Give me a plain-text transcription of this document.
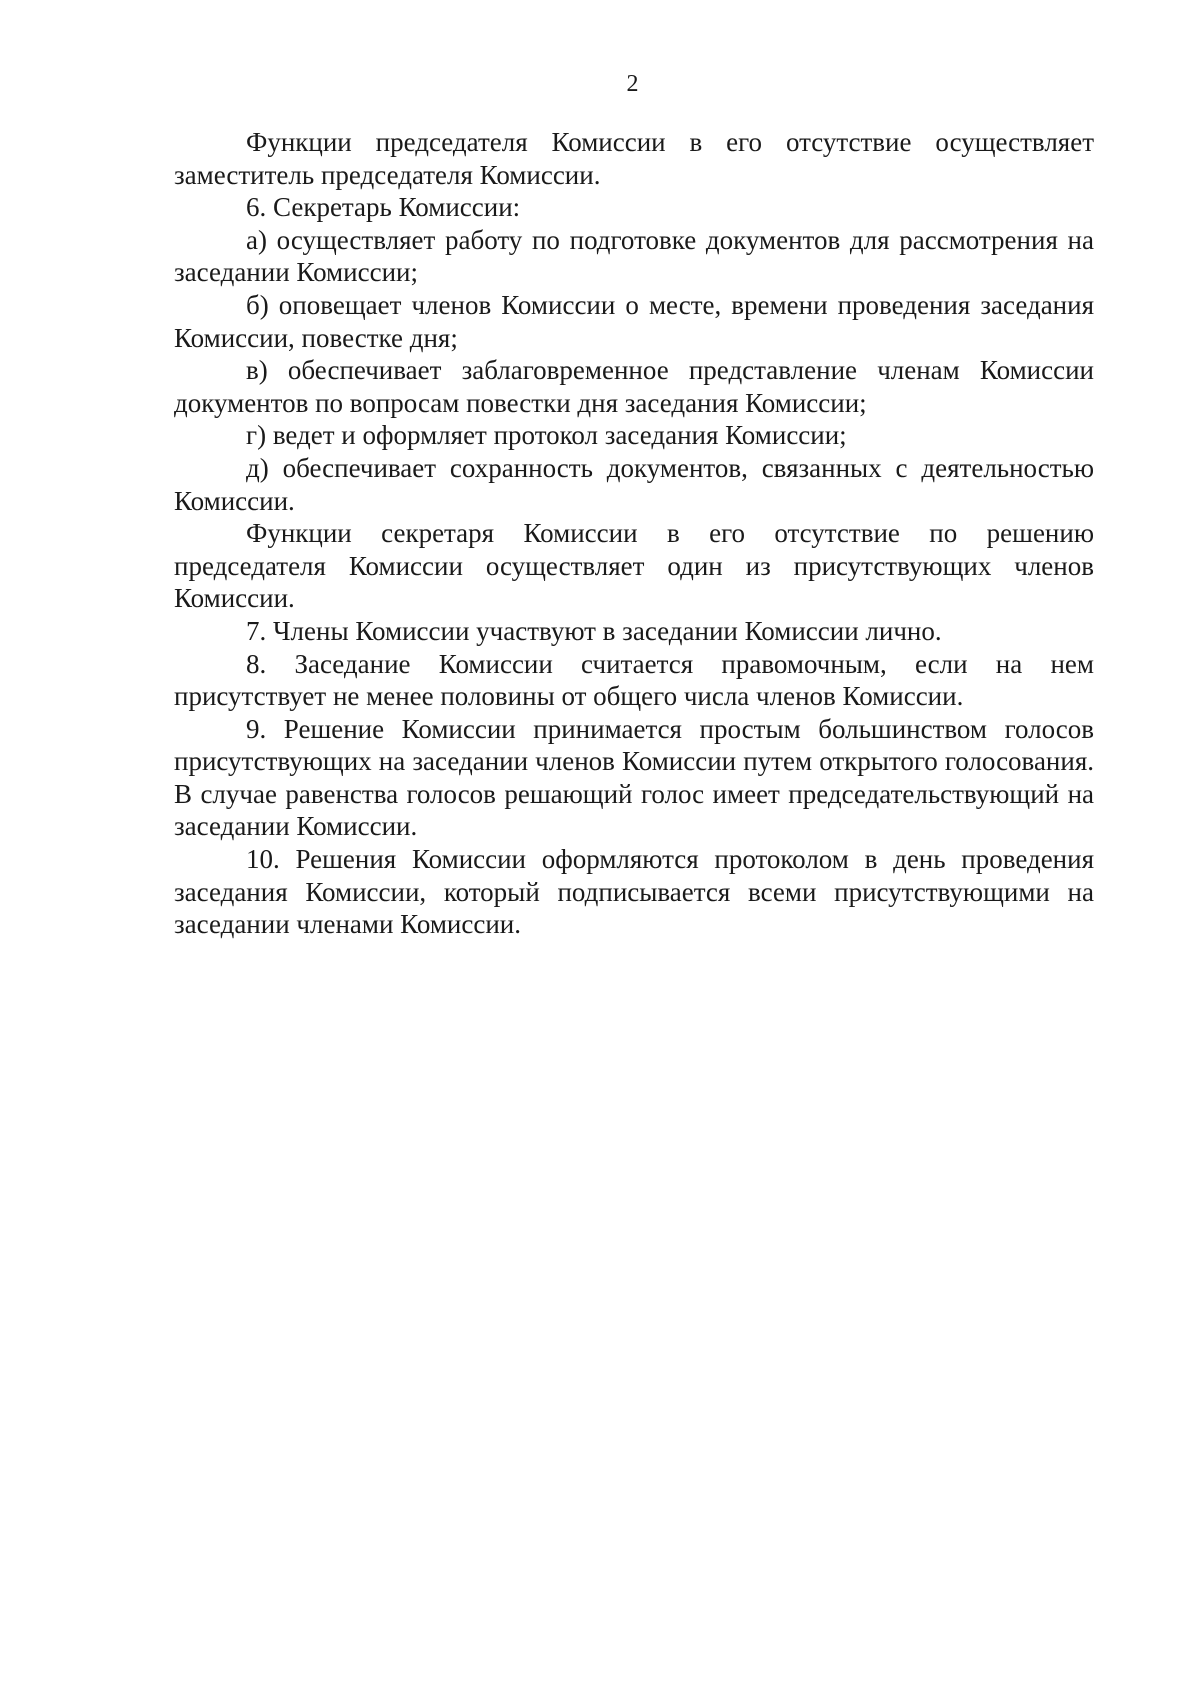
2

Функции председателя Комиссии в его отсутствие осуществляет заместитель председателя Комиссии.

6. Секретарь Комиссии:

а) осуществляет работу по подготовке документов для рассмотрения на заседании Комиссии;

б) оповещает членов Комиссии о месте, времени проведения заседания Комиссии, повестке дня;

в) обеспечивает заблаговременное представление членам Комиссии документов по вопросам повестки дня заседания Комиссии;

г) ведет и оформляет протокол заседания Комиссии;

д) обеспечивает сохранность документов, связанных с деятельностью Комиссии.

Функции секретаря Комиссии в его отсутствие по решению председателя Комиссии осуществляет один из присутствующих членов Комиссии.

7. Члены Комиссии участвуют в заседании Комиссии лично.

8. Заседание Комиссии считается правомочным, если на нем присутствует не менее половины от общего числа членов Комиссии.

9. Решение Комиссии принимается простым большинством голосов присутствующих на заседании членов Комиссии путем открытого голосования. В случае равенства голосов решающий голос имеет председательствующий на заседании Комиссии.

10. Решения Комиссии оформляются протоколом в день проведения заседания Комиссии, который подписывается всеми присутствующими на заседании членами Комиссии.
